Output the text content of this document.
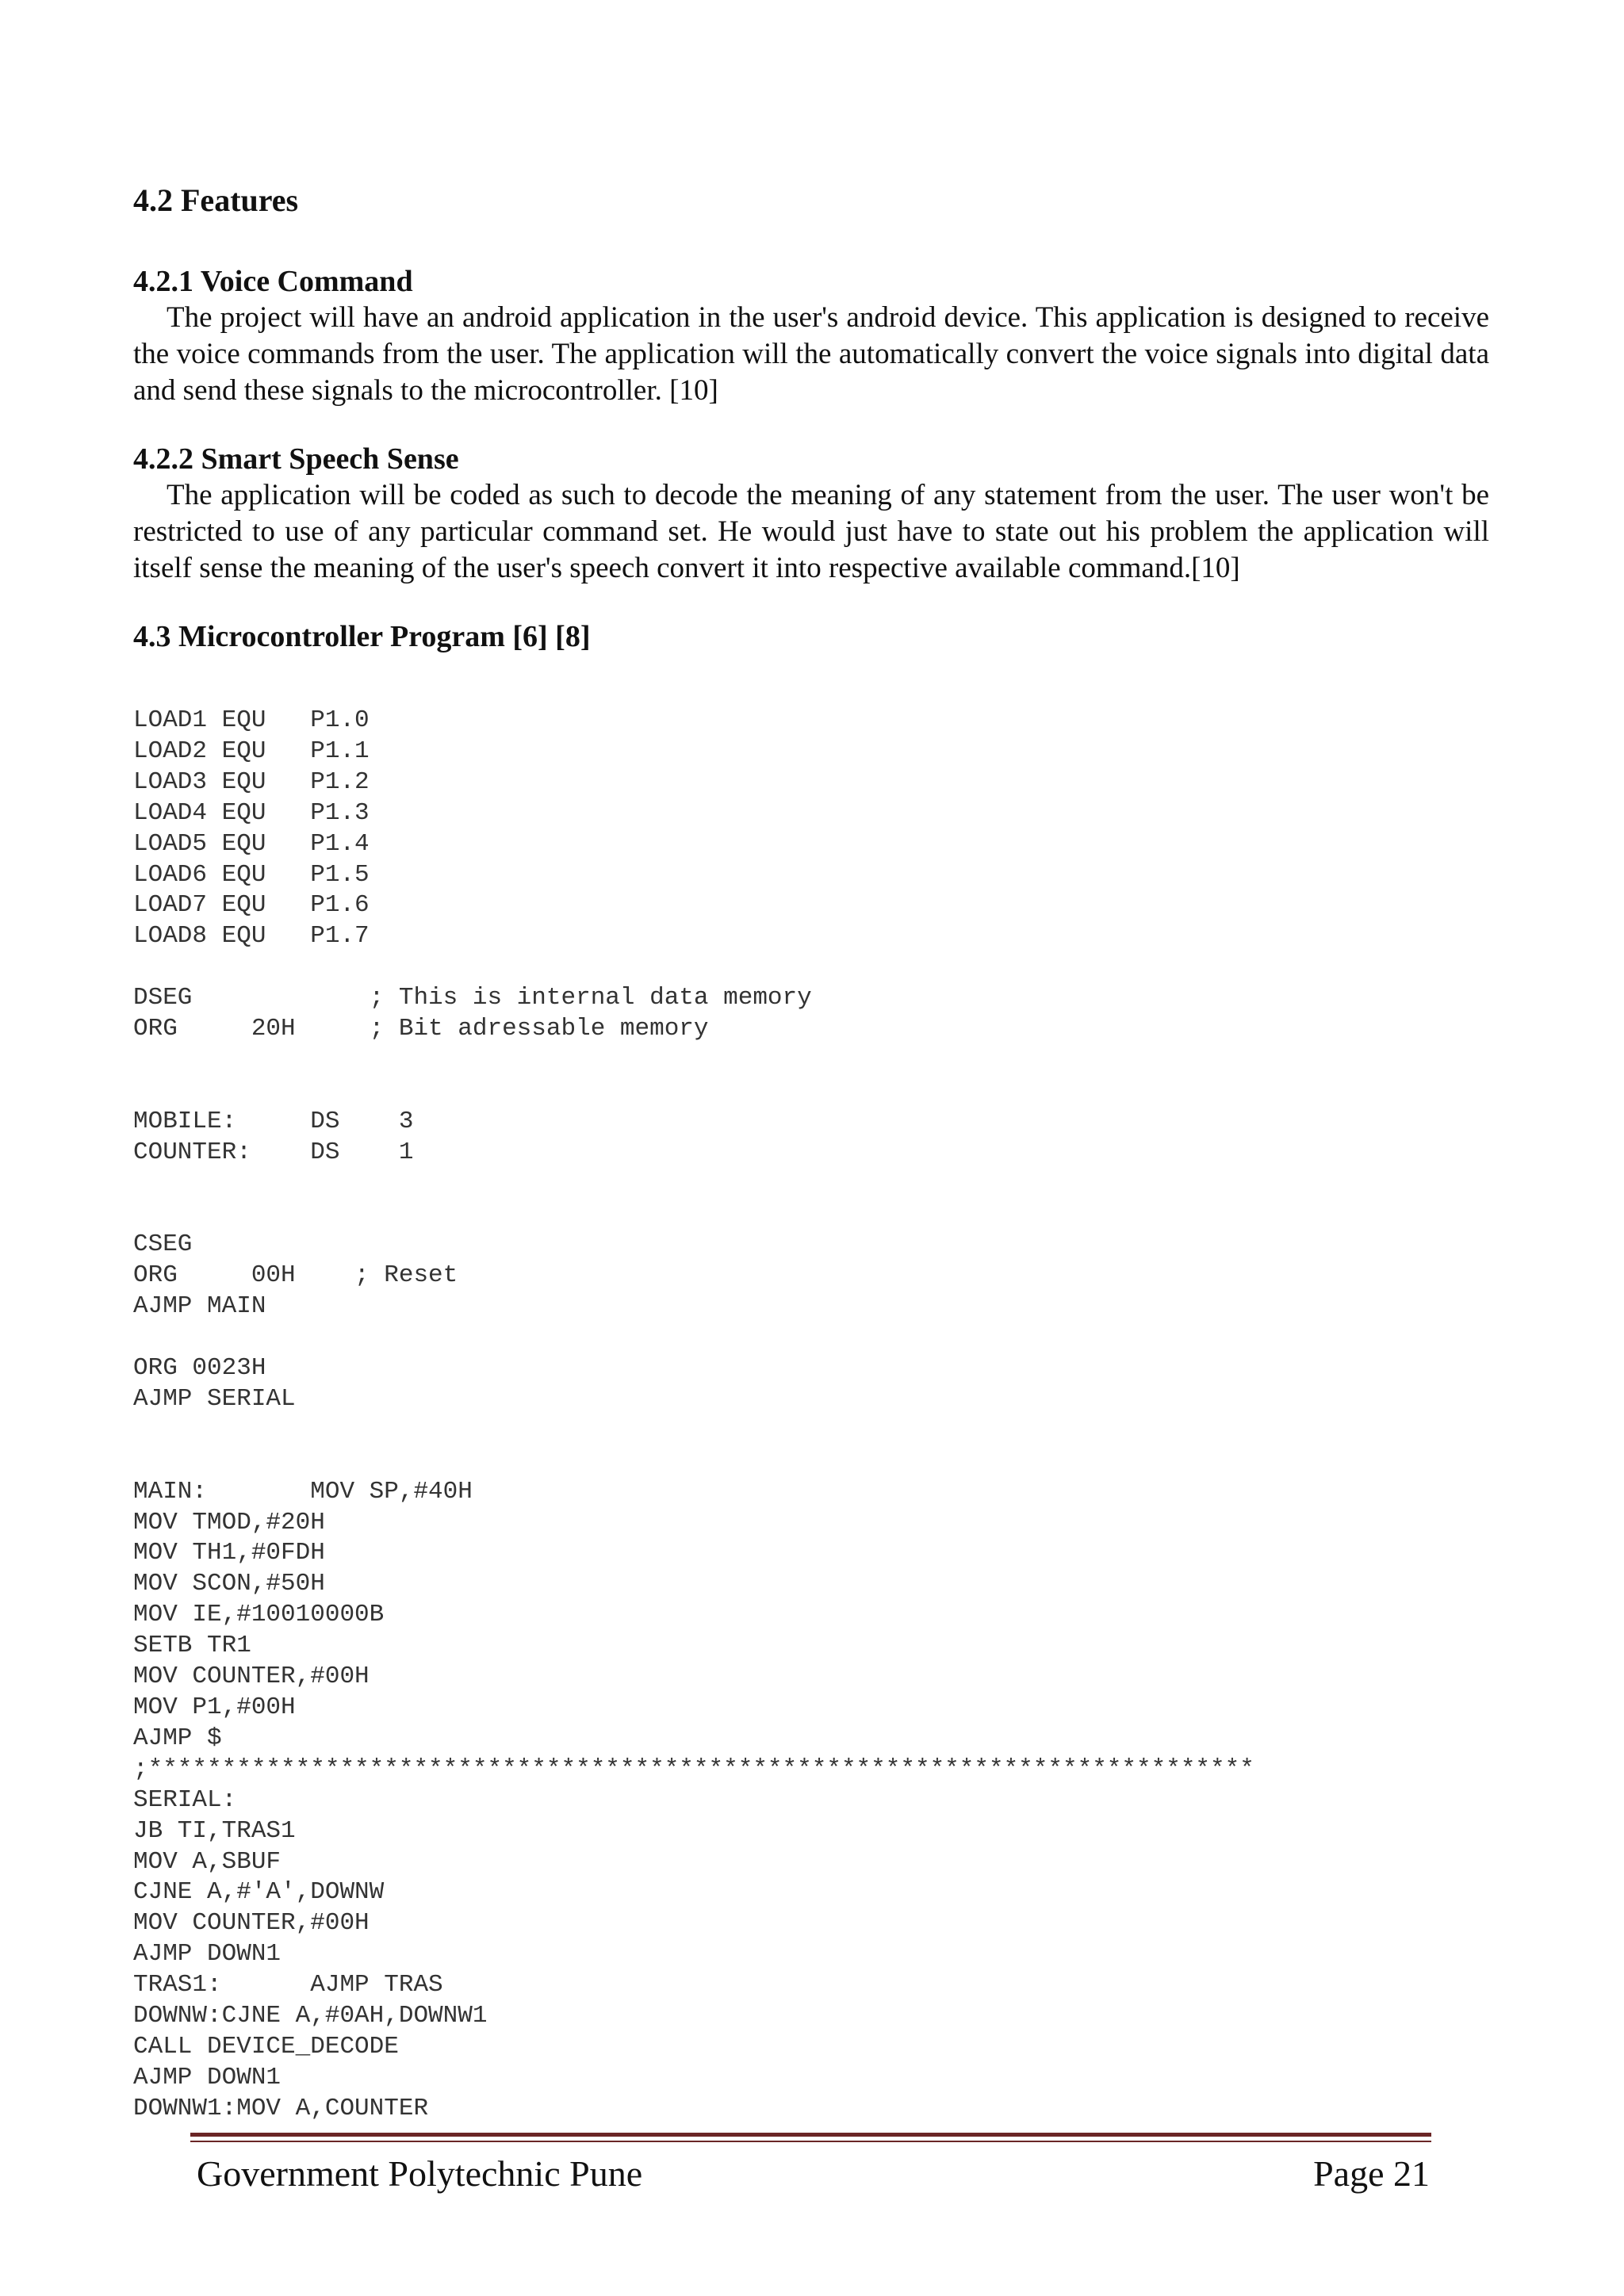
4.2 Features
4.2.1 Voice Command

The project will have an android application in the user's android device. This application is designed to receive the voice commands from the user. The application will the automatically convert the voice signals into digital data and send these signals to the microcontroller. [10]

4.2.2 Smart Speech Sense

The application will be coded as such to decode the meaning of any statement from the user. The user won't be restricted to use of any particular command set. He would just have to state out his problem the application will itself sense the meaning of the user's speech convert it into respective available command.[10]

4.3 Microcontroller Program [6] [8]
LOAD1 EQU   P1.0
LOAD2 EQU   P1.1
LOAD3 EQU   P1.2
LOAD4 EQU   P1.3
LOAD5 EQU   P1.4
LOAD6 EQU   P1.5
LOAD7 EQU   P1.6
LOAD8 EQU   P1.7

DSEG            ; This is internal data memory
ORG     20H     ; Bit adressable memory

MOBILE:     DS    3
COUNTER:    DS    1

CSEG
ORG     00H    ; Reset
AJMP MAIN

ORG 0023H
AJMP SERIAL

MAIN:       MOV SP,#40H
MOV TMOD,#20H
MOV TH1,#0FDH
MOV SCON,#50H
MOV IE,#10010000B
SETB TR1
MOV COUNTER,#00H
MOV P1,#00H
AJMP $
;***************************************************************************
SERIAL:
JB TI,TRAS1
MOV A,SBUF
CJNE A,#'A',DOWNW
MOV COUNTER,#00H
AJMP DOWN1
TRAS1:      AJMP TRAS
DOWNW:CJNE A,#0AH,DOWNW1
CALL DEVICE_DECODE
AJMP DOWN1
DOWNW1:MOV A,COUNTER
Government Polytechnic Pune	Page 21
